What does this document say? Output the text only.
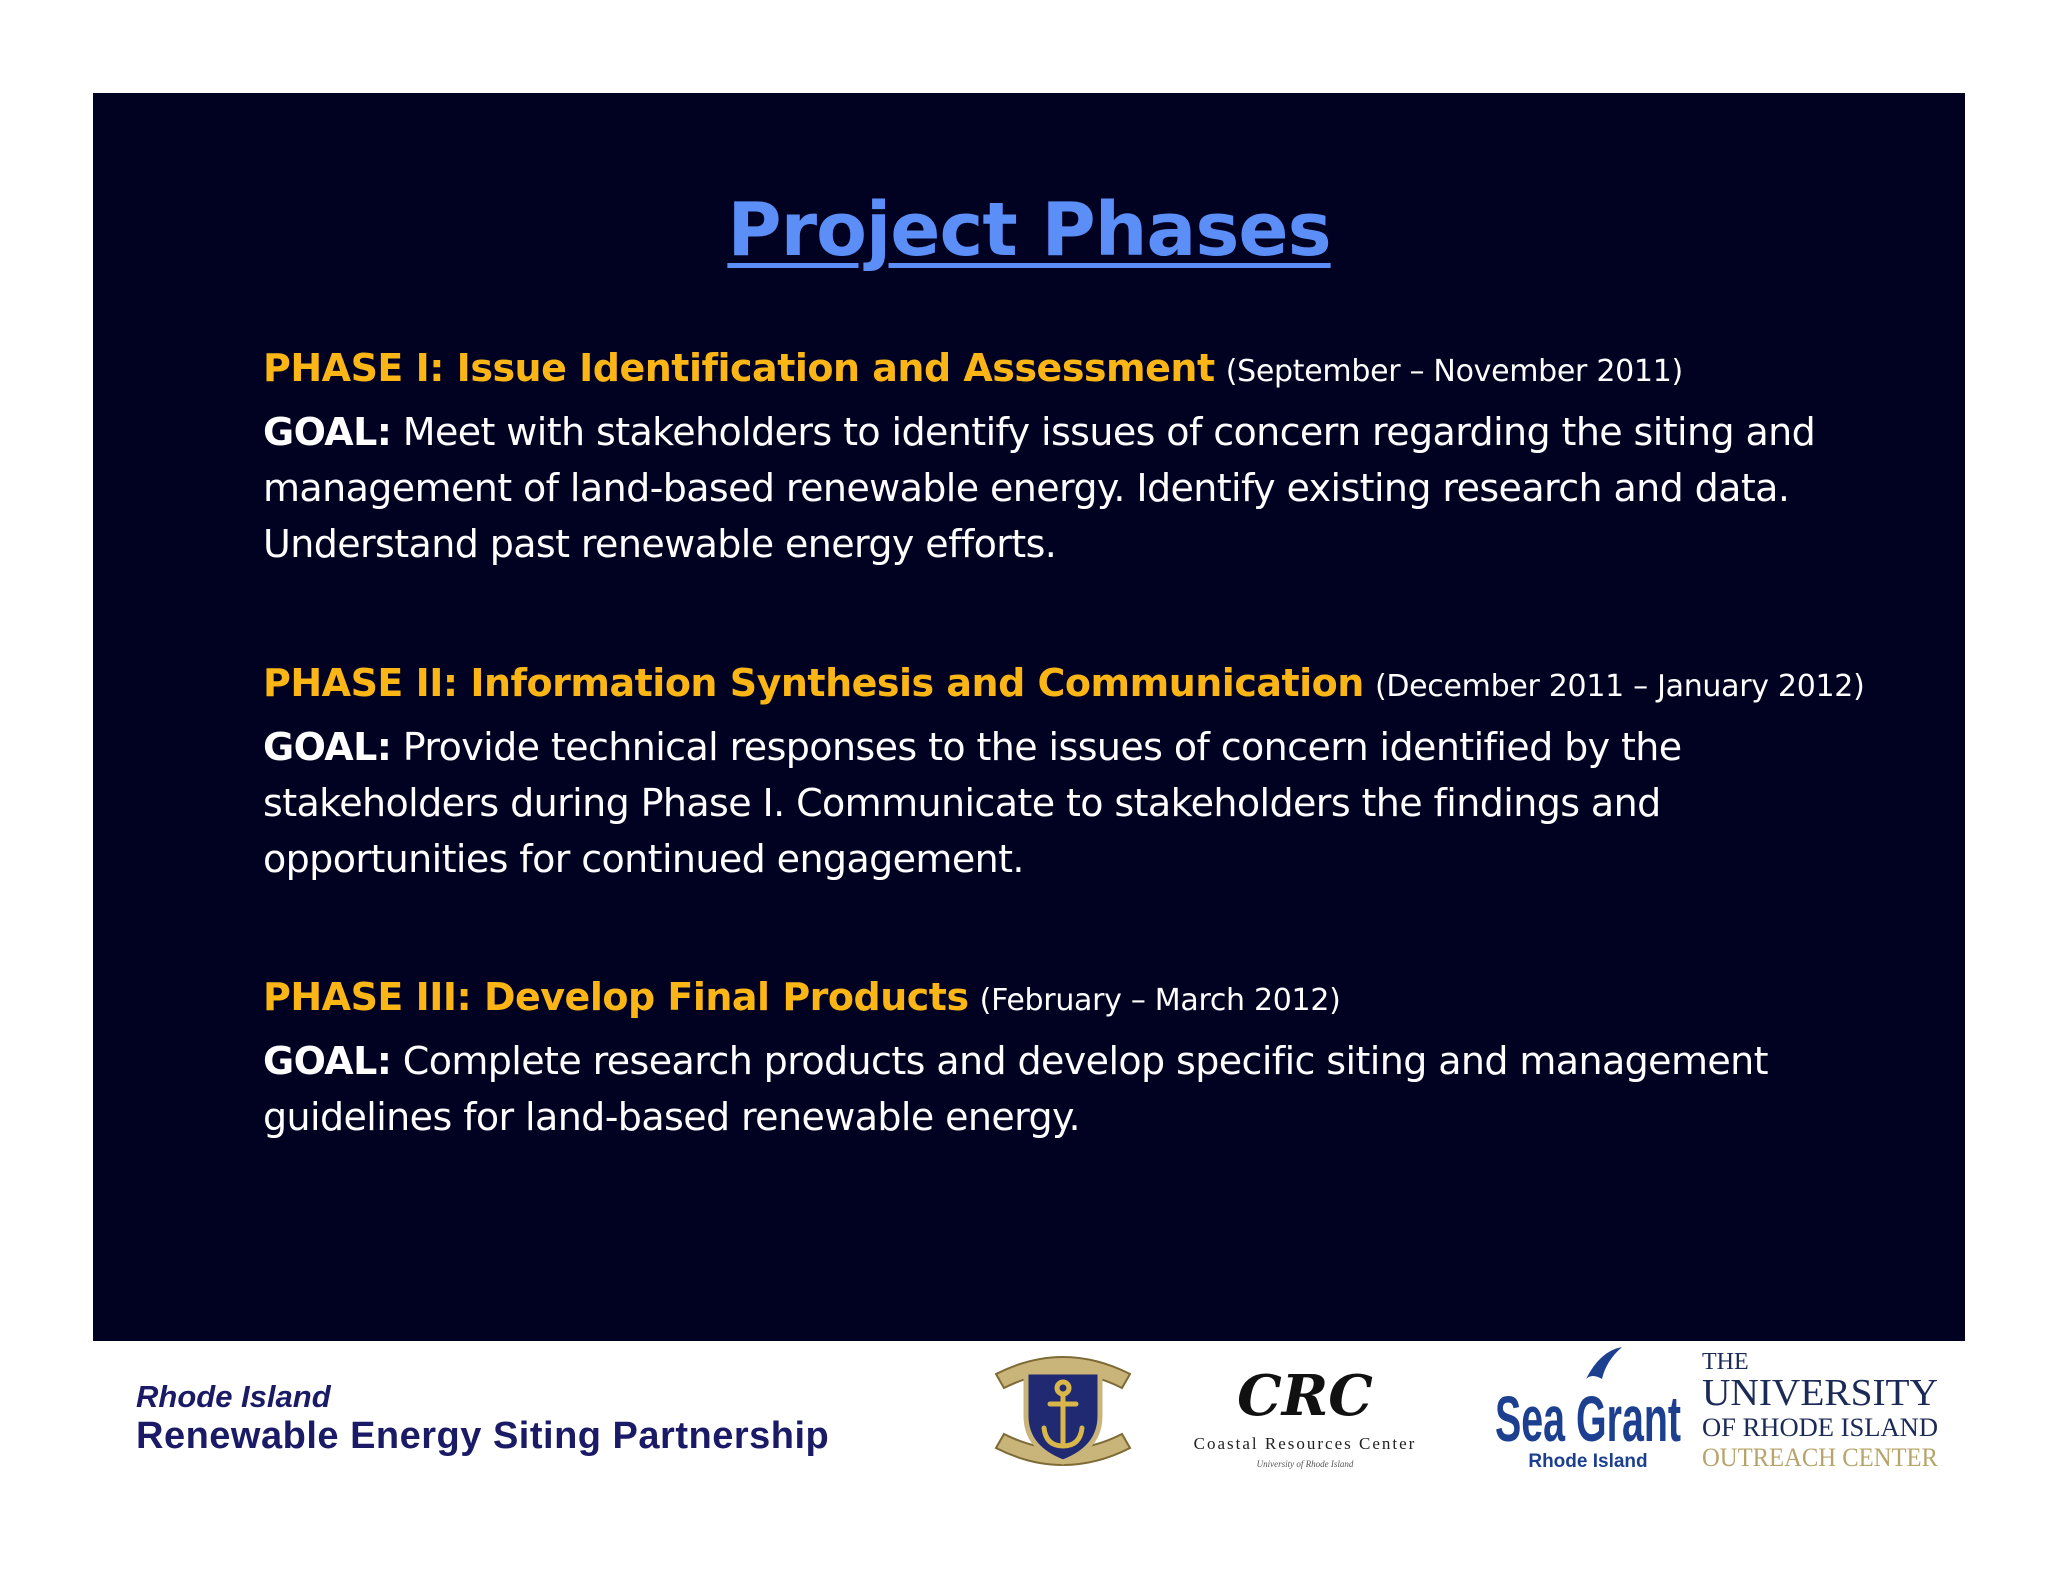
Project Phases

PHASE I: Issue Identification and Assessment (September – November 2011)

GOAL: Meet with stakeholders to identify issues of concern regarding the siting and management of land-based renewable energy. Identify existing research and data. Understand past renewable energy efforts.

PHASE II: Information Synthesis and Communication (December 2011 – January 2012)

GOAL: Provide technical responses to the issues of concern identified by the stakeholders during Phase I. Communicate to stakeholders the findings and opportunities for continued engagement.

PHASE III: Develop Final Products (February – March 2012)

GOAL: Complete research products and develop specific siting and management guidelines for land-based renewable energy.

Rhode Island
Renewable Energy Siting Partnership
CRC
Coastal Resources Center
University of Rhode Island
Sea Grant
Rhode Island
THE
UNIVERSITY
OF RHODE ISLAND
OUTREACH CENTER
